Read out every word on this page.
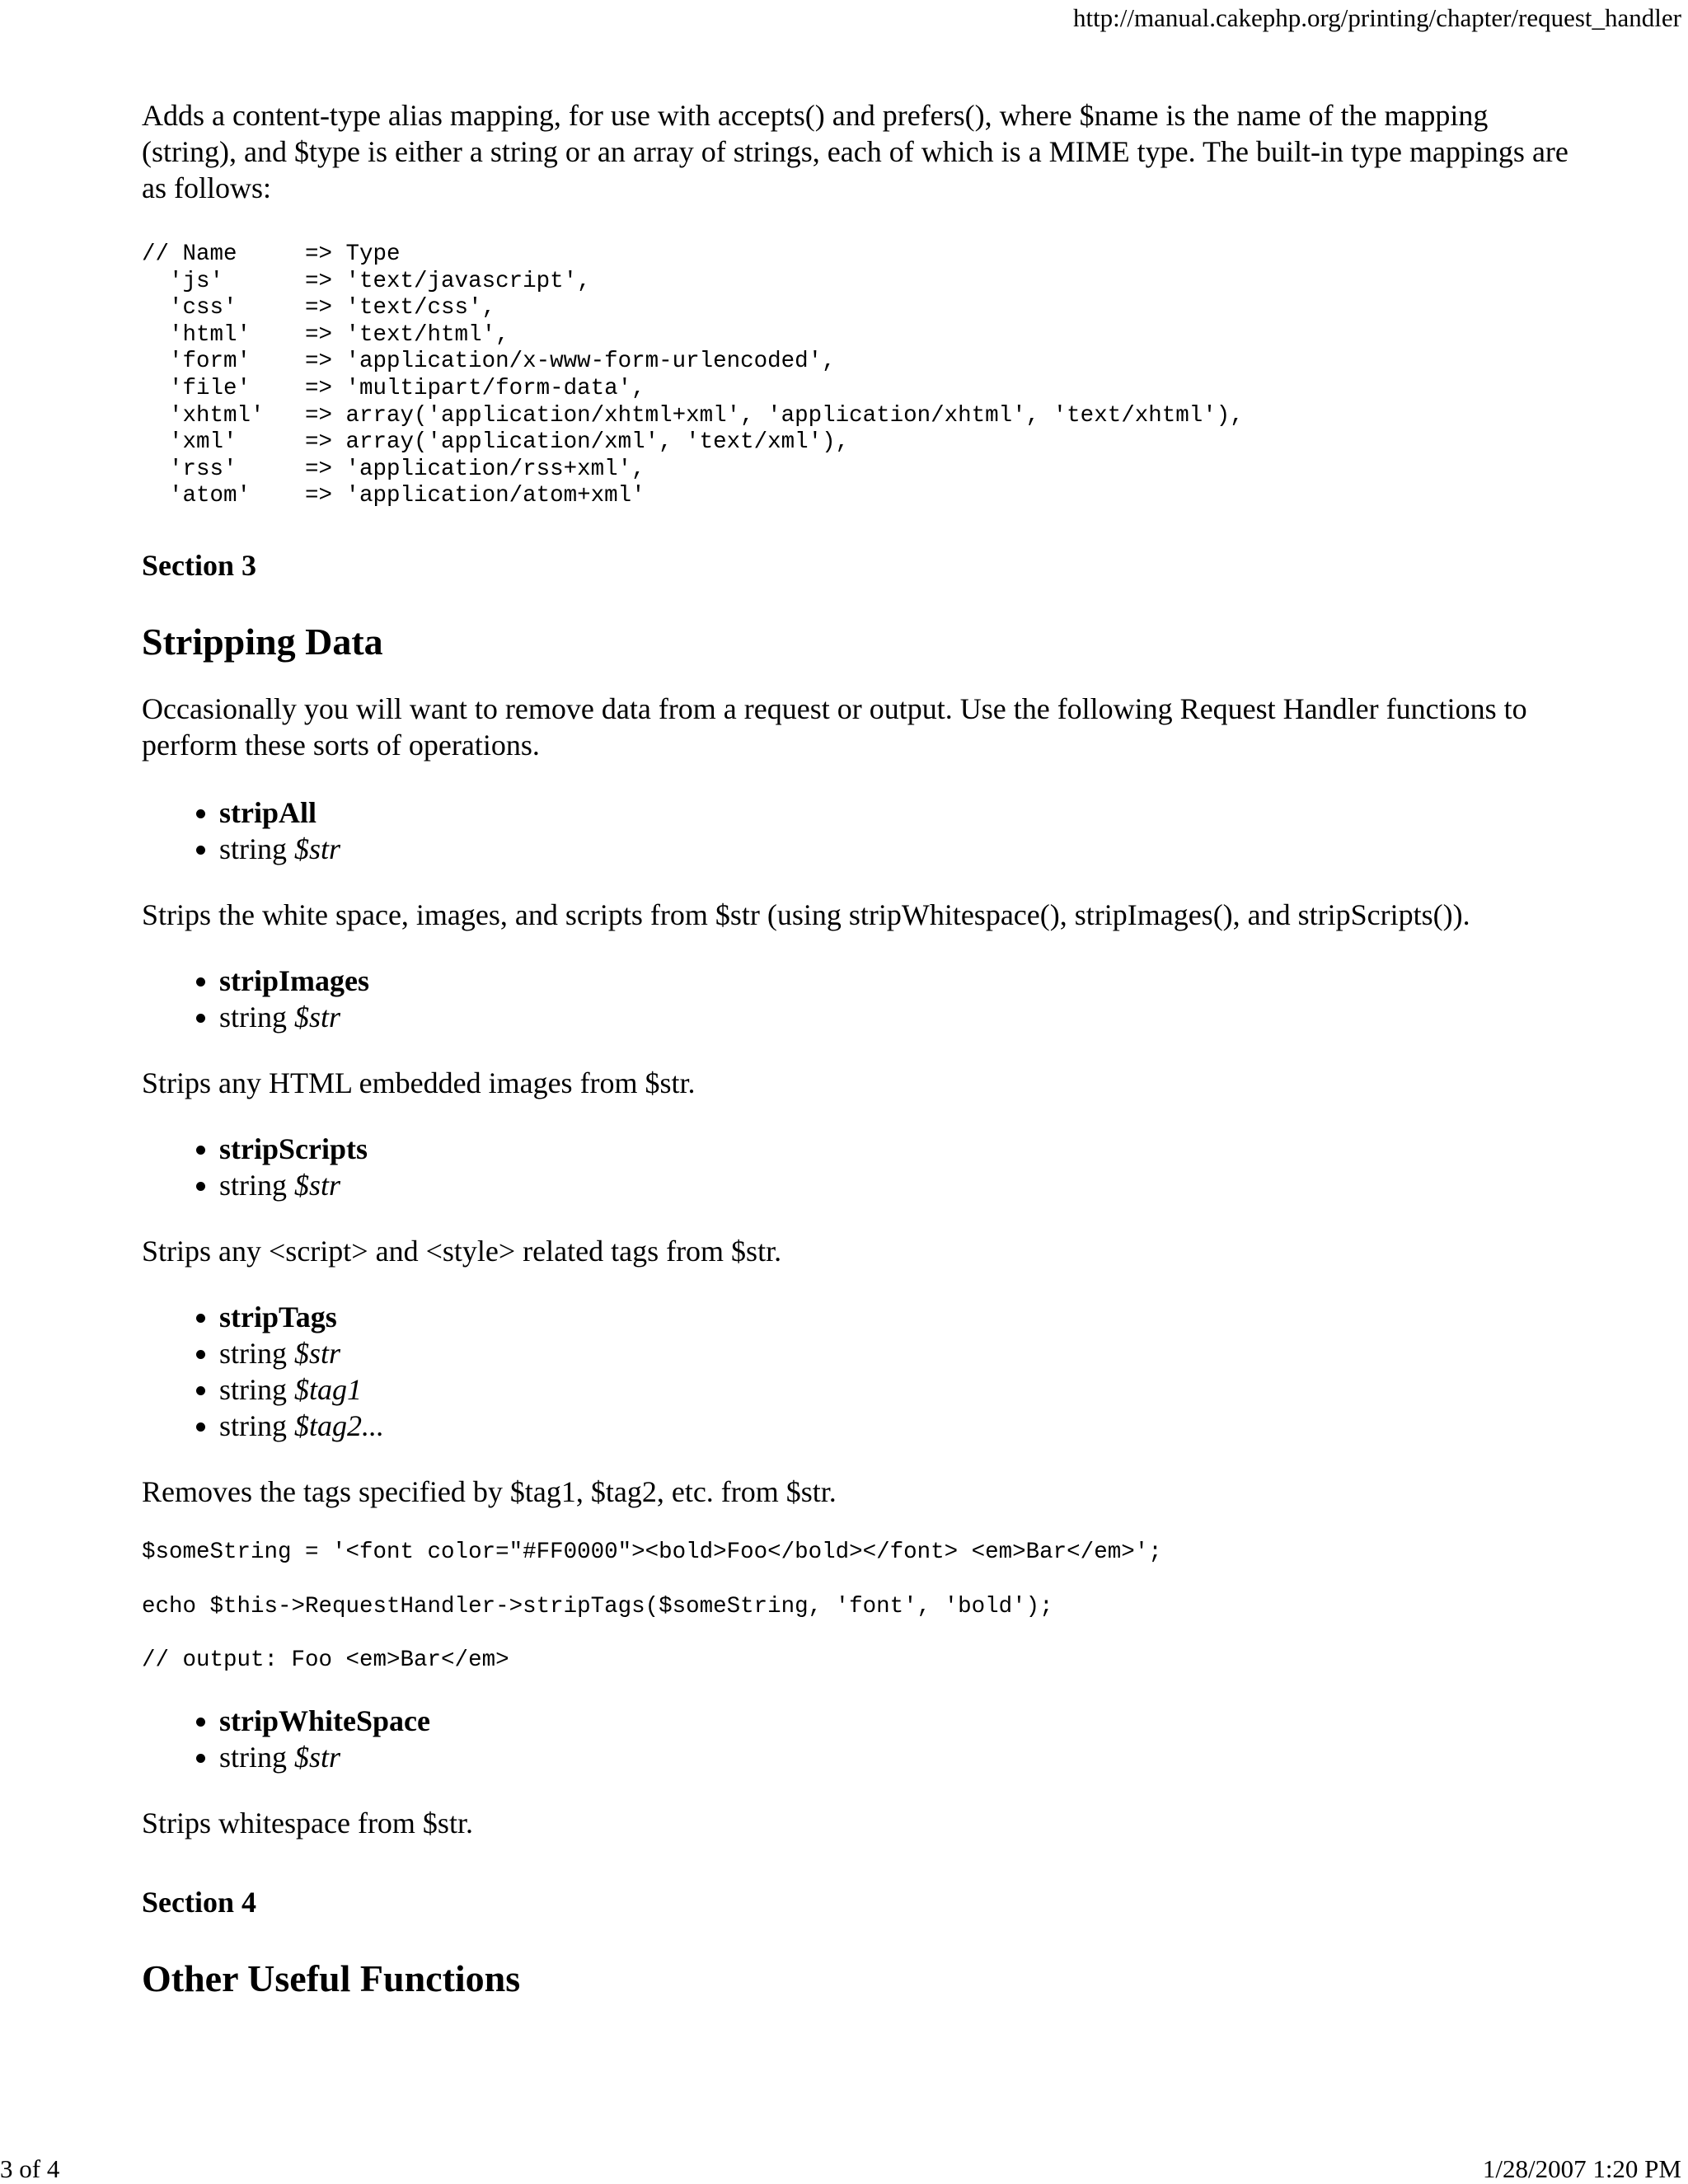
http://manual.cakephp.org/printing/chapter/request_handler

Adds a content-type alias mapping, for use with accepts() and prefers(), where $name is the name of the mapping (string), and $type is either a string or an array of strings, each of which is a MIME type. The built-in type mappings are as follows:

// Name     => Type
'js'      => 'text/javascript',
'css'     => 'text/css',
'html'    => 'text/html',
'form'    => 'application/x-www-form-urlencoded',
'file'    => 'multipart/form-data',
'xhtml'   => array('application/xhtml+xml', 'application/xhtml', 'text/xhtml'),
'xml'     => array('application/xml', 'text/xml'),
'rss'     => 'application/rss+xml',
'atom'    => 'application/atom+xml'
Section 3
Stripping Data

Occasionally you will want to remove data from a request or output. Use the following Request Handler functions to perform these sorts of operations.

• stripAll
• string $str

Strips the white space, images, and scripts from $str (using stripWhitespace(), stripImages(), and stripScripts()).

• stripImages
• string $str

Strips any HTML embedded images from $str.

• stripScripts
• string $str

Strips any <script> and <style> related tags from $str.

• stripTags
• string $str
• string $tag1
• string $tag2...

Removes the tags specified by $tag1, $tag2, etc. from $str.

$someString = '<font color="#FF0000"><bold>Foo</bold></font> <em>Bar</em>';
echo $this->RequestHandler->stripTags($someString, 'font', 'bold');
// output: Foo <em>Bar</em>
• stripWhiteSpace
• string $str

Strips whitespace from $str.

Section 4
Other Useful Functions
3 of 4	1/28/2007 1:20 PM
